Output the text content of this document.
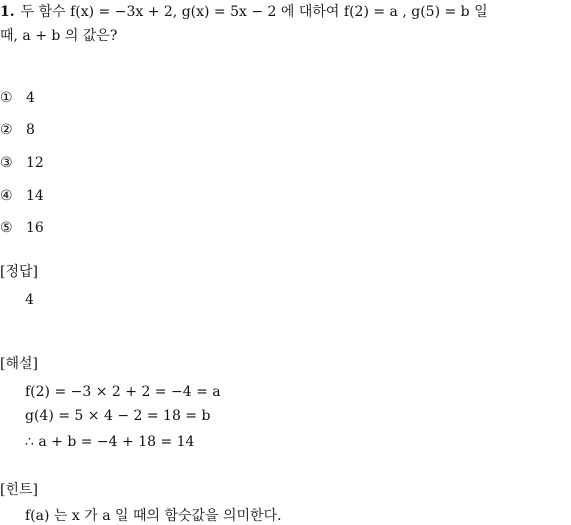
1. 두 함수 f(x) = −3x + 2, g(x) = 5x − 2 에 대하여 f(2) = a , g(5) = b 일
때, a + b 의 값은?
① 4
② 8
③ 12
④ 14
⑤ 16
[정답]
4
[해설]
f(2) = −3 × 2 + 2 = −4 = a
g(4) = 5 × 4 − 2 = 18 = b
∴ a + b = −4 + 18 = 14
[힌트]
f(a) 는 x 가 a 일 때의 함숫값을 의미한다.
